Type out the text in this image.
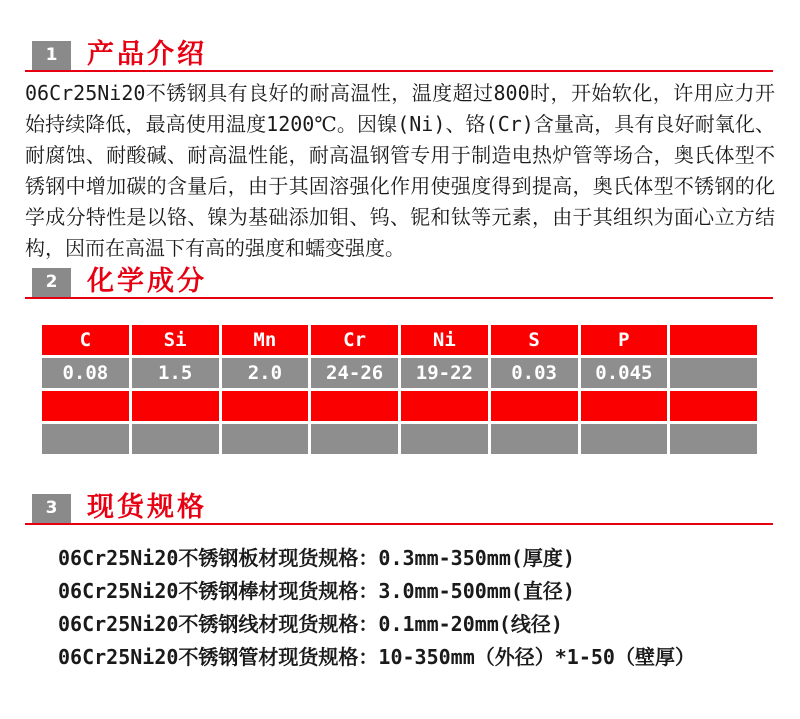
1	产品介绍
06Cr25Ni20不锈钢具有良好的耐高温性，温度超过800时，开始软化，许用应力开始持续降低，最高使用温度1200℃。因镍(Ni)、铬(Cr)含量高，具有良好耐氧化、耐腐蚀、耐酸碱、耐高温性能，耐高温钢管专用于制造电热炉管等场合，奥氏体型不锈钢中增加碳的含量后，由于其固溶强化作用使强度得到提高，奥氏体型不锈钢的化学成分特性是以铬、镍为基础添加钼、钨、铌和钛等元素，由于其组织为面心立方结构，因而在高温下有高的强度和蠕变强度。
2	化学成分
C	Si	Mn	Cr	Ni	S	P	
0.08	1.5	2.0	24-26	19-22	0.03	0.045	

3	现货规格
06Cr25Ni20不锈钢板材现货规格：0.3mm-350mm(厚度)
06Cr25Ni20不锈钢棒材现货规格：3.0mm-500mm(直径)
06Cr25Ni20不锈钢线材现货规格：0.1mm-20mm(线径)
06Cr25Ni20不锈钢管材现货规格：10-350mm（外径）*1-50（壁厚）
